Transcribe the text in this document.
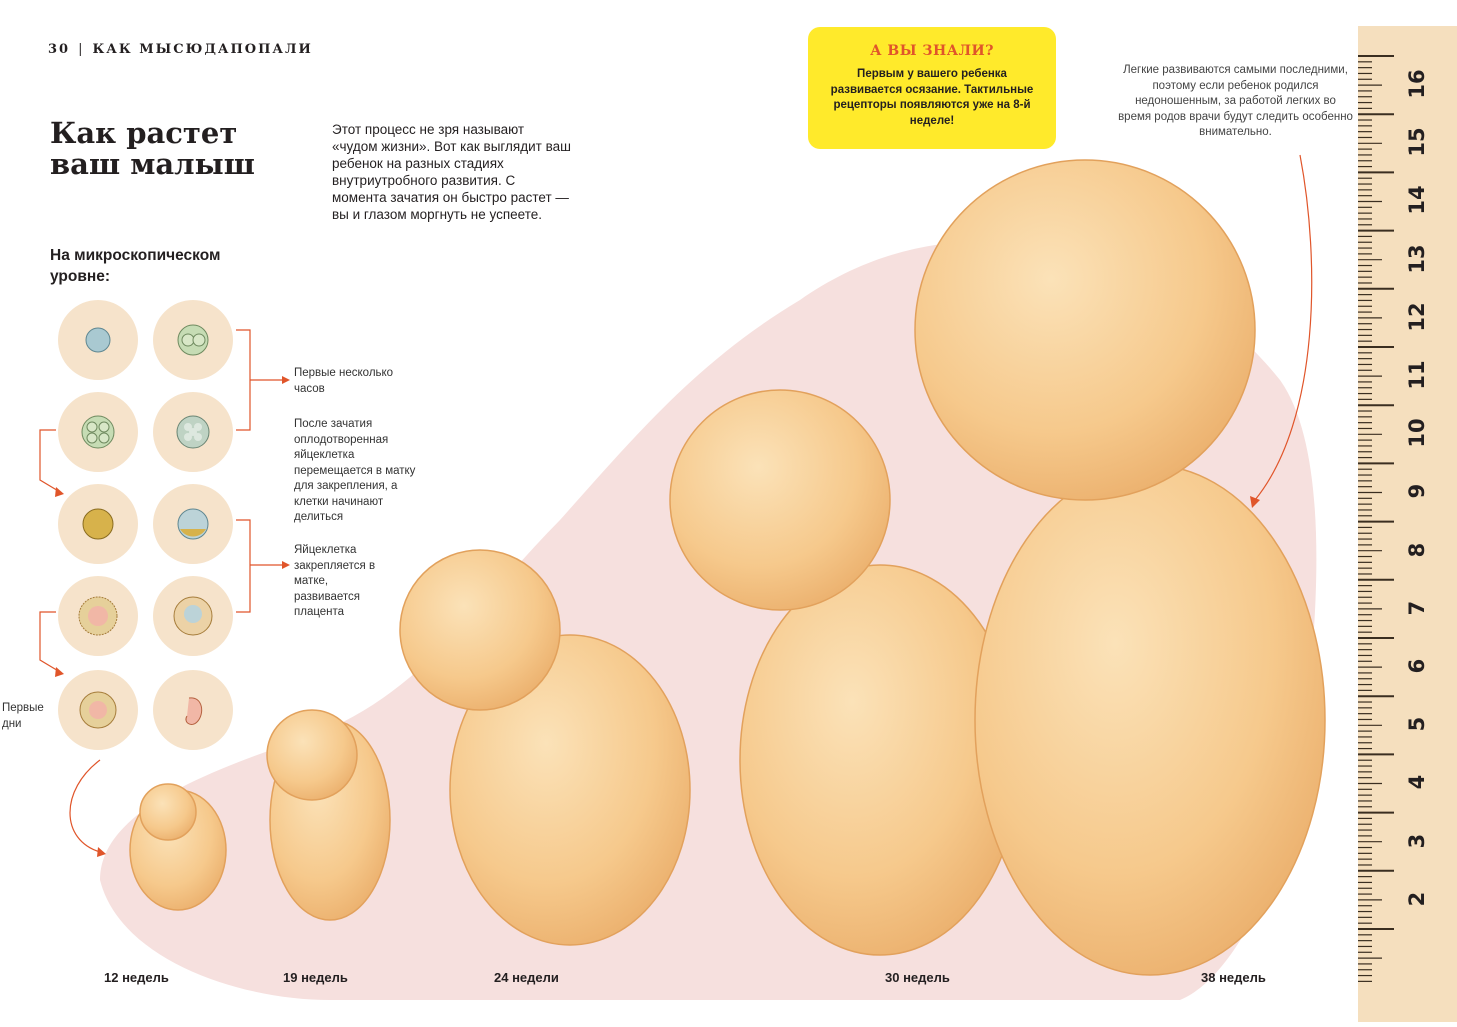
30 | КАК МЫСЮДАПОПАЛИ
Как растет
ваш малыш
Этот процесс не зря называют «чудом жизни». Вот как выглядит ваш ребенок на разных стадиях внутриутробного развития. С момента зачатия он быстро растет — вы и глазом моргнуть не успеете.
На микроскопическом уровне:
Первые несколько часов
После зачатия оплодотворенная яйцеклетка перемещается в матку для закрепления, а клетки начинают делиться
Яйцеклетка закрепляется в матке, развивается плацента
Первые дни
А ВЫ ЗНАЛИ?
Первым у вашего ребенка развивается осязание. Тактильные рецепторы появляются уже на 8-й неделе!
Легкие развиваются самыми последними, поэтому если ребенок родился недоношенным, за работой легких во время родов врачи будут следить особенно внимательно.
12 недель	19 недель	24 недели	30 недель	38 недель
16
15
14
13
12
11
10
9
8
7
6
5
4
3
2
